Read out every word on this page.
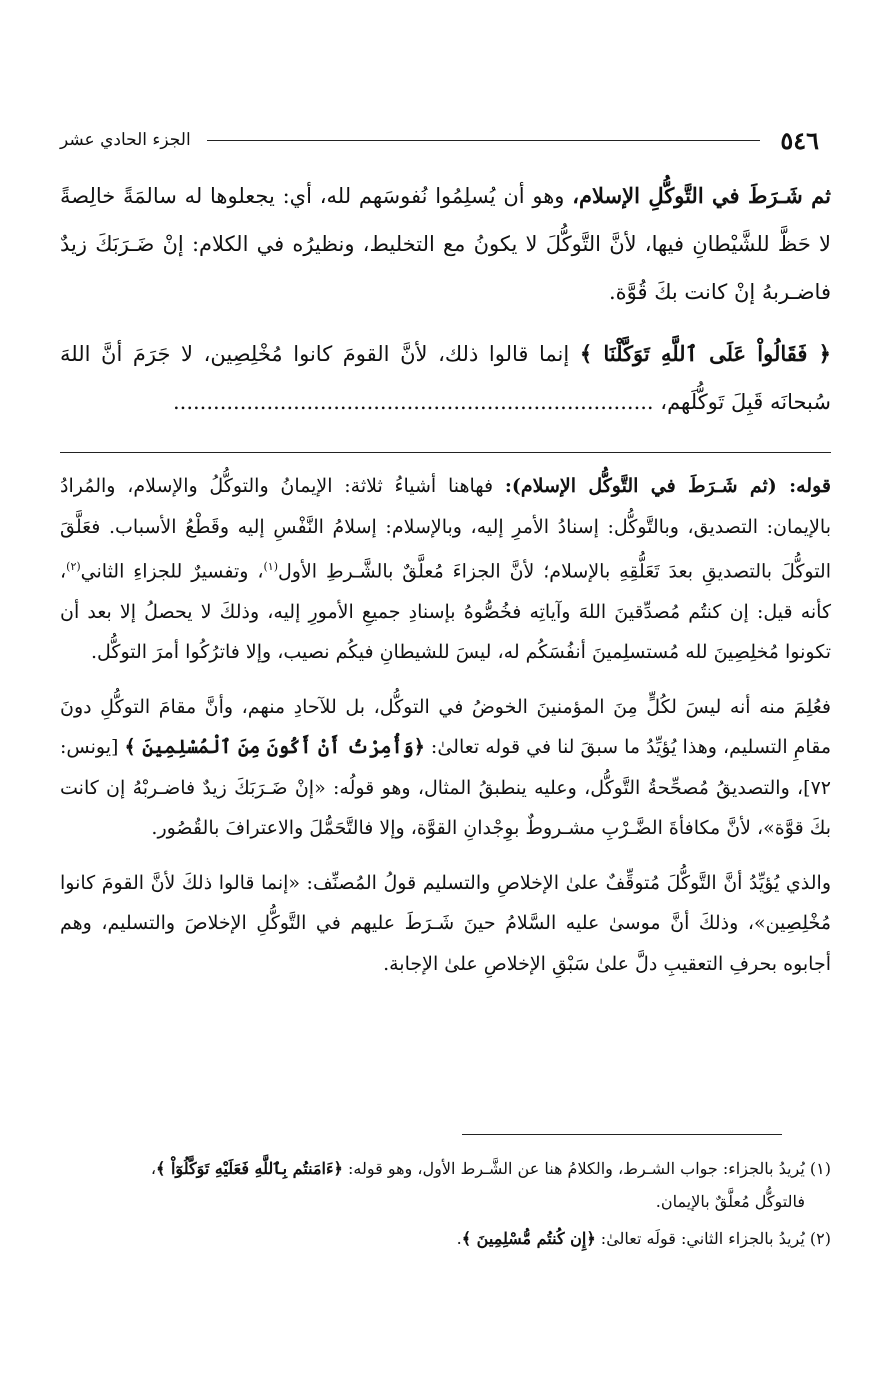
٥٤٦
الجزء الحادي عشر

ثم شَـرَطَ في التَّوكُّلِ الإسلام، وهو أن يُسلِمُوا نُفوسَهم لله، أي: يجعلوها له سالمَةً خالِصةً لا حَظَّ للشَّيْطانِ فيها، لأنَّ التَّوكُّلَ لا يكونُ مع التخليط، ونظيرُه في الكلام: إنْ ضَـرَبَكَ زيدٌ فاضـربهُ إنْ كانت بكَ قُوَّة.

﴿ فَقَالُواْ عَلَى ٱللَّهِ تَوَكَّلْنَا ﴾ إنما قالوا ذلك، لأنَّ القومَ كانوا مُخْلِصِين، لا جَرَمَ أنَّ اللهَ سُبحانَه قَبِلَ تَوكُّلَهم، ........................................................................

قوله: (ثم شَـرَطَ في التَّوكُّل الإسلام): فهاهنا أشياءُ ثلاثة: الإيمانُ والتوكُّلُ والإسلام، والمُرادُ بالإيمان: التصديق، وبالتَّوكُّل: إسنادُ الأمرِ إليه، وبالإسلام: إسلامُ النَّفْسِ إليه وقَطْعُ الأسباب. فعَلَّقَ التوكُّلَ بالتصديقِ بعدَ تَعَلُّقِهِ بالإسلام؛ لأنَّ الجزاءَ مُعلَّقٌ بالشَّـرطِ الأول$^{(١)}$، وتفسيرٌ للجزاءِ الثاني$^{(٢)}$، كأنه قيل: إن كنتُم مُصدِّقينَ اللهَ وآياتِه فخُصُّوهُ بإسنادِ جميعِ الأمورِ إليه، وذلكَ لا يحصلُ إلا بعد أن تكونوا مُخلِصِينَ لله مُستسلِمينَ أنفُسَكُم له، ليسَ للشيطانِ فيكُم نصيب، وإلا فاترُكُوا أمرَ التوكُّل.

فعُلِمَ منه أنه ليسَ لكُلٍّ مِنَ المؤمنينَ الخوضُ في التوكُّل، بل للآحادِ منهم، وأنَّ مقامَ التوكُّلِ دونَ مقامِ التسليم، وهذا يُؤيِّدُ ما سبقَ لنا في قوله تعالىٰ: ﴿وَأُمِرْتُ أَنْ أَكُونَ مِنَ ٱلْمُسْلِمِينَ ﴾ [يونس: ٧٢]، والتصديقُ مُصحِّحةُ التَّوكُّل، وعليه ينطبقُ المثال، وهو قولُه: «إنْ ضَـرَبَكَ زيدٌ فاضـربْهُ إن كانت بكَ قوَّة»، لأنَّ مكافأةَ الضَّـرْبِ مشـروطٌ بوِجْدانِ القوَّة، وإلا فالتَّحَمُّلَ والاعترافَ بالقُصُور.

والذي يُؤيِّدُ أنَّ التَّوكُّلَ مُتوقِّفٌ علىٰ الإخلاصِ والتسليم قولُ المُصنِّف: «إنما قالوا ذلكَ لأنَّ القومَ كانوا مُخْلِصِين»، وذلكَ أنَّ موسىٰ عليه السَّلامُ حينَ شَـرَطَ عليهم في التَّوكُّلِ الإخلاصَ والتسليم، وهم أجابوه بحرفِ التعقيبِ دلَّ علىٰ سَبْقِ الإخلاصِ علىٰ الإجابة.

(١) يُريدُ بالجزاء: جواب الشـرط، والكلامُ هنا عن الشَّـرط الأول، وهو قوله: ﴿ءَامَنتُم بِٱللَّهِ فَعَلَيْهِ تَوَكَّلُوٓاْ ﴾،
فالتوكُّل مُعلَّقٌ بالإيمان.

(٢) يُريدُ بالجزاء الثاني: قولَه تعالىٰ: ﴿إِن كُنتُم مُّسْلِمِينَ ﴾.
